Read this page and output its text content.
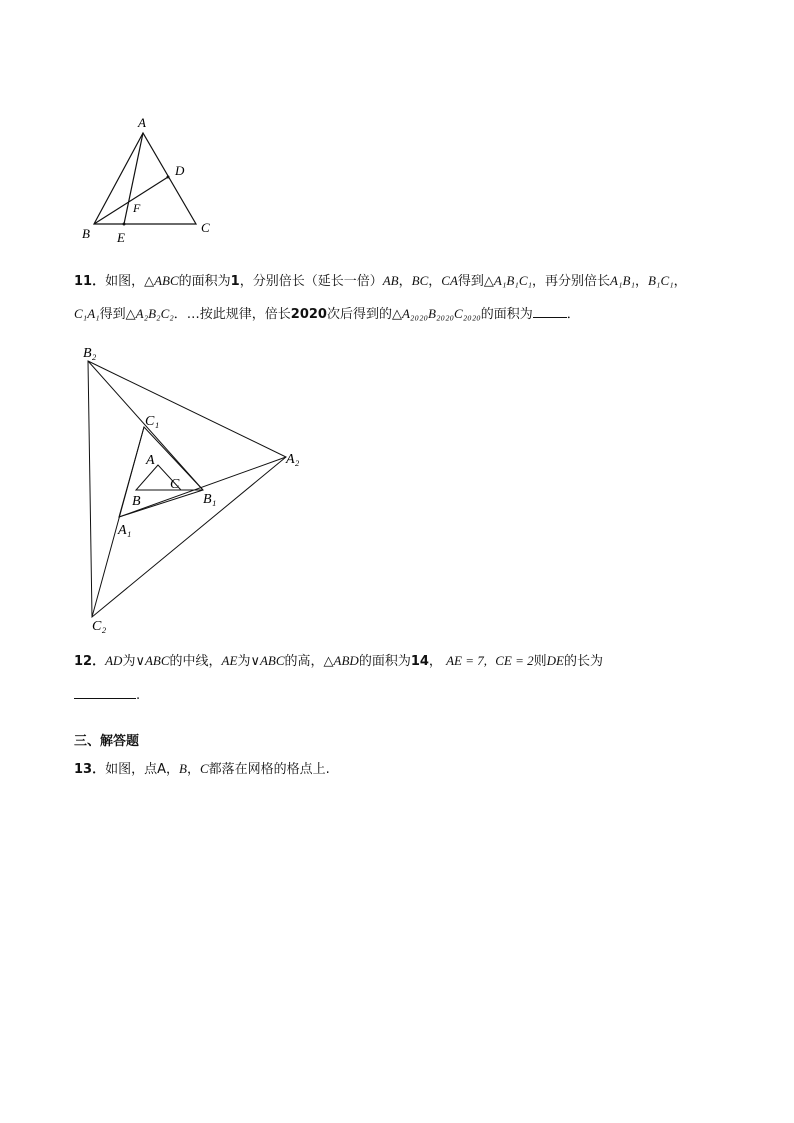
A
D
F
B E
C
11．如图，△ABC的面积为1，分别倍长（延长一倍）AB，BC，CA得到△A₁B₁C₁，再分别倍长A₁B₁，B₁C₁，
C₁A₁得到△A₂B₂C₂．…按此规律，倍长2020次后得到的△A₂₀₂₀B₂₀₂₀C₂₀₂₀的面积为	．
B₂
C₁
A₂
A
C
B	B₁
A₁
C₂
12．AD为∨ABC的中线，AE为∨ABC的高，△ABD的面积为14， AE = 7, CE = 2则DE的长为
.
三、解答题
13．如图，点A，B，C都落在网格的格点上.
